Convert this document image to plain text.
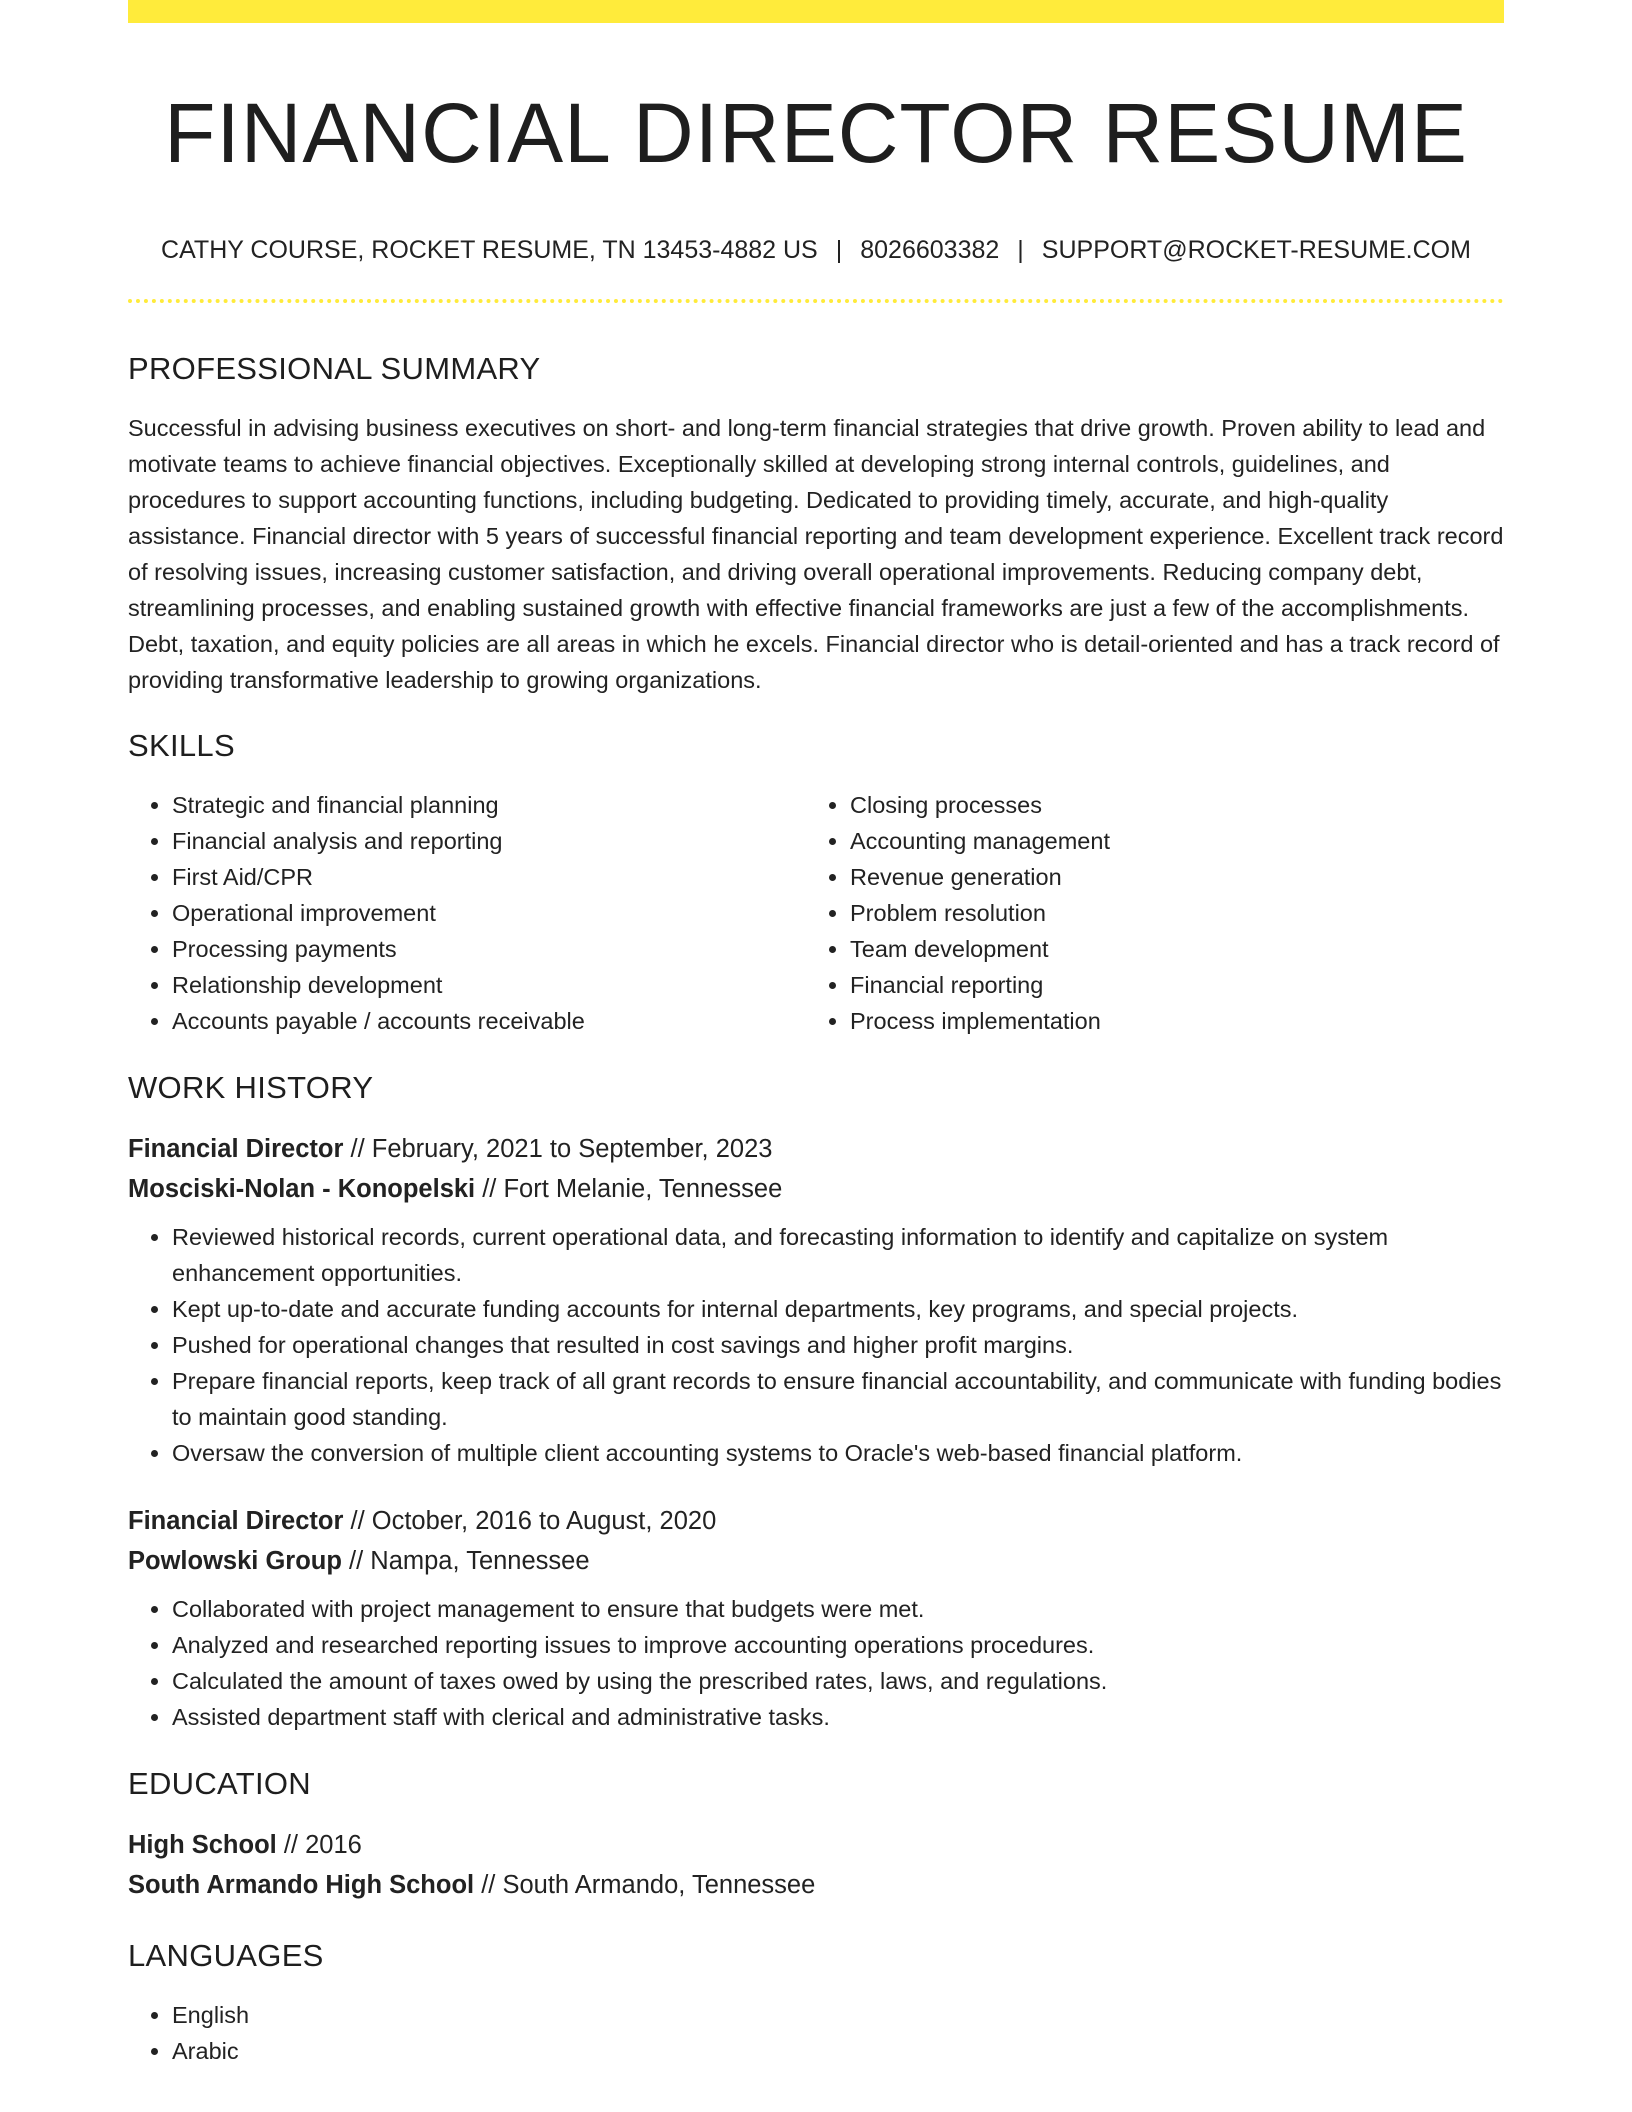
FINANCIAL DIRECTOR RESUME
CATHY COURSE, ROCKET RESUME, TN 13453-4882 US | 8026603382 | SUPPORT@ROCKET-RESUME.COM
PROFESSIONAL SUMMARY
Successful in advising business executives on short- and long-term financial strategies that drive growth. Proven ability to lead and motivate teams to achieve financial objectives. Exceptionally skilled at developing strong internal controls, guidelines, and procedures to support accounting functions, including budgeting. Dedicated to providing timely, accurate, and high-quality assistance. Financial director with 5 years of successful financial reporting and team development experience. Excellent track record of resolving issues, increasing customer satisfaction, and driving overall operational improvements. Reducing company debt, streamlining processes, and enabling sustained growth with effective financial frameworks are just a few of the accomplishments. Debt, taxation, and equity policies are all areas in which he excels. Financial director who is detail-oriented and has a track record of providing transformative leadership to growing organizations.
SKILLS
• Strategic and financial planning
• Financial analysis and reporting
• First Aid/CPR
• Operational improvement
• Processing payments
• Relationship development
• Accounts payable / accounts receivable
• Closing processes
• Accounting management
• Revenue generation
• Problem resolution
• Team development
• Financial reporting
• Process implementation
WORK HISTORY
Financial Director // February, 2021 to September, 2023
Mosciski-Nolan - Konopelski // Fort Melanie, Tennessee
• Reviewed historical records, current operational data, and forecasting information to identify and capitalize on system enhancement opportunities.
• Kept up-to-date and accurate funding accounts for internal departments, key programs, and special projects.
• Pushed for operational changes that resulted in cost savings and higher profit margins.
• Prepare financial reports, keep track of all grant records to ensure financial accountability, and communicate with funding bodies to maintain good standing.
• Oversaw the conversion of multiple client accounting systems to Oracle's web-based financial platform.
Financial Director // October, 2016 to August, 2020
Powlowski Group // Nampa, Tennessee
• Collaborated with project management to ensure that budgets were met.
• Analyzed and researched reporting issues to improve accounting operations procedures.
• Calculated the amount of taxes owed by using the prescribed rates, laws, and regulations.
• Assisted department staff with clerical and administrative tasks.
EDUCATION
High School // 2016
South Armando High School // South Armando, Tennessee
LANGUAGES
• English
• Arabic
